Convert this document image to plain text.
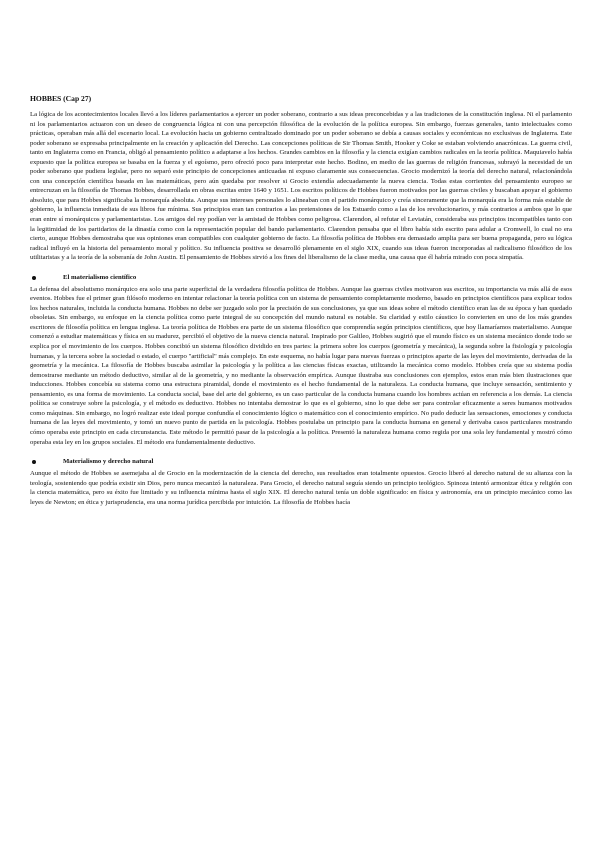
HOBBES (Cap 27)

La lógica de los acontecimientos locales llevó a los líderes parlamentarios a ejercer un poder soberano, contrario a sus ideas preconcebidas y a las tradiciones de la constitución inglesa. Ni el parlamento ni los parlamentarios actuaron con un deseo de congruencia lógica ni con una percepción filosófica de la evolución de la política europea. Sin embargo, fuerzas generales, tanto intelectuales como prácticas, operaban más allá del escenario local. La evolución hacia un gobierno centralizado dominado por un poder soberano se debía a causas sociales y económicas no exclusivas de Inglaterra. Este poder soberano se expresaba principalmente en la creación y aplicación del Derecho. Las concepciones políticas de Sir Thomas Smith, Hooker y Coke se estaban volviendo anacrónicas. La guerra civil, tanto en Inglaterra como en Francia, obligó al pensamiento político a adaptarse a los hechos. Grandes cambios en la filosofía y la ciencia exigían cambios radicales en la teoría política. Maquiavelo había expuesto que la política europea se basaba en la fuerza y el egoísmo, pero ofreció poco para interpretar este hecho. Bodino, en medio de las guerras de religión francesas, subrayó la necesidad de un poder soberano que pudiera legislar, pero no separó este principio de concepciones anticuadas ni expuso claramente sus consecuencias. Grocio modernizó la teoría del derecho natural, relacionándola con una concepción científica basada en las matemáticas, pero aún quedaba por resolver si Grocio extendía adecuadamente la nueva ciencia. Todas estas corrientes del pensamiento europeo se entrecruzan en la filosofía de Thomas Hobbes, desarrollada en obras escritas entre 1640 y 1651. Los escritos políticos de Hobbes fueron motivados por las guerras civiles y buscaban apoyar el gobierno absoluto, que para Hobbes significaba la monarquía absoluta. Aunque sus intereses personales lo alineaban con el partido monárquico y creía sinceramente que la monarquía era la forma más estable de gobierno, la influencia inmediata de sus libros fue mínima. Sus principios eran tan contrarios a las pretensiones de los Estuardo como a las de los revolucionarios, y más contrarios a ambos que lo que eran entre sí monárquicos y parlamentaristas. Los amigos del rey podían ver la amistad de Hobbes como peligrosa. Clarendon, al refutar el Leviatán, consideraba sus principios incompatibles tanto con la legitimidad de los partidarios de la dinastía como con la representación popular del bando parlamentario. Clarendon pensaba que el libro había sido escrito para adular a Cromwell, lo cual no era cierto, aunque Hobbes demostraba que sus opiniones eran compatibles con cualquier gobierno de facto. La filosofía política de Hobbes era demasiado amplia para ser buena propaganda, pero su lógica radical influyó en la historia del pensamiento moral y político. Su influencia positiva se desarrolló plenamente en el siglo XIX, cuando sus ideas fueron incorporadas al radicalismo filosófico de los utilitaristas y a la teoría de la soberanía de John Austin. El pensamiento de Hobbes sirvió a los fines del liberalismo de la clase media, una causa que él habría mirado con poca simpatía.

El materialismo científico

La defensa del absolutismo monárquico era solo una parte superficial de la verdadera filosofía política de Hobbes. Aunque las guerras civiles motivaron sus escritos, su importancia va más allá de esos eventos. Hobbes fue el primer gran filósofo moderno en intentar relacionar la teoría política con un sistema de pensamiento completamente moderno, basado en principios científicos para explicar todos los hechos naturales, incluida la conducta humana. Hobbes no debe ser juzgado solo por la precisión de sus conclusiones, ya que sus ideas sobre el método científico eran las de su época y han quedado obsoletas. Sin embargo, su enfoque en la ciencia política como parte integral de su concepción del mundo natural es notable. Su claridad y estilo cáustico lo convierten en uno de los más grandes escritores de filosofía política en lengua inglesa. La teoría política de Hobbes era parte de un sistema filosófico que comprendía según principios científicos, que hoy llamaríamos materialismo. Aunque comenzó a estudiar matemáticas y física en su madurez, percibió el objetivo de la nueva ciencia natural. Inspirado por Galileo, Hobbes sugirió que el mundo físico es un sistema mecánico donde todo se explica por el movimiento de los cuerpos. Hobbes concibió un sistema filosófico dividido en tres partes: la primera sobre los cuerpos (geometría y mecánica), la segunda sobre la fisiología y psicología humanas, y la tercera sobre la sociedad o estado, el cuerpo "artificial" más complejo. En este esquema, no había lugar para nuevas fuerzas o principios aparte de las leyes del movimiento, derivadas de la geometría y la mecánica. La filosofía de Hobbes buscaba asimilar la psicología y la política a las ciencias físicas exactas, utilizando la mecánica como modelo. Hobbes creía que su sistema podía demostrarse mediante un método deductivo, similar al de la geometría, y no mediante la observación empírica. Aunque ilustraba sus conclusiones con ejemplos, estos eran más bien ilustraciones que inducciones. Hobbes concebía su sistema como una estructura piramidal, donde el movimiento es el hecho fundamental de la naturaleza. La conducta humana, que incluye sensación, sentimiento y pensamiento, es una forma de movimiento. La conducta social, base del arte del gobierno, es un caso particular de la conducta humana cuando los hombres actúan en referencia a los demás. La ciencia política se construye sobre la psicología, y el método es deductivo. Hobbes no intentaba demostrar lo que es el gobierno, sino lo que debe ser para controlar eficazmente a seres humanos motivados como máquinas. Sin embargo, no logró realizar este ideal porque confundía el conocimiento lógico o matemático con el conocimiento empírico. No pudo deducir las sensaciones, emociones y conducta humana de las leyes del movimiento, y tomó un nuevo punto de partida en la psicología. Hobbes postulaba un principio para la conducta humana en general y derivaba casos particulares mostrando cómo operaba este principio en cada circunstancia. Este método le permitió pasar de la psicología a la política. Presentó la naturaleza humana como regida por una sola ley fundamental y mostró cómo operaba esta ley en los grupos sociales. El método era fundamentalmente deductivo.

Materialismo y derecho natural

Aunque el método de Hobbes se asemejaba al de Grocio en la modernización de la ciencia del derecho, sus resultados eran totalmente opuestos. Grocio liberó al derecho natural de su alianza con la teología, sosteniendo que podría existir sin Dios, pero nunca mecanizó la naturaleza. Para Grocio, el derecho natural seguía siendo un principio teológico. Spinoza intentó armonizar ética y religión con la ciencia matemática, pero su éxito fue limitado y su influencia mínima hasta el siglo XIX. El derecho natural tenía un doble significado: en física y astronomía, era un principio mecánico como las leyes de Newton; en ética y jurisprudencia, era una norma jurídica percibida por intuición. La filosofía de Hobbes hacía
